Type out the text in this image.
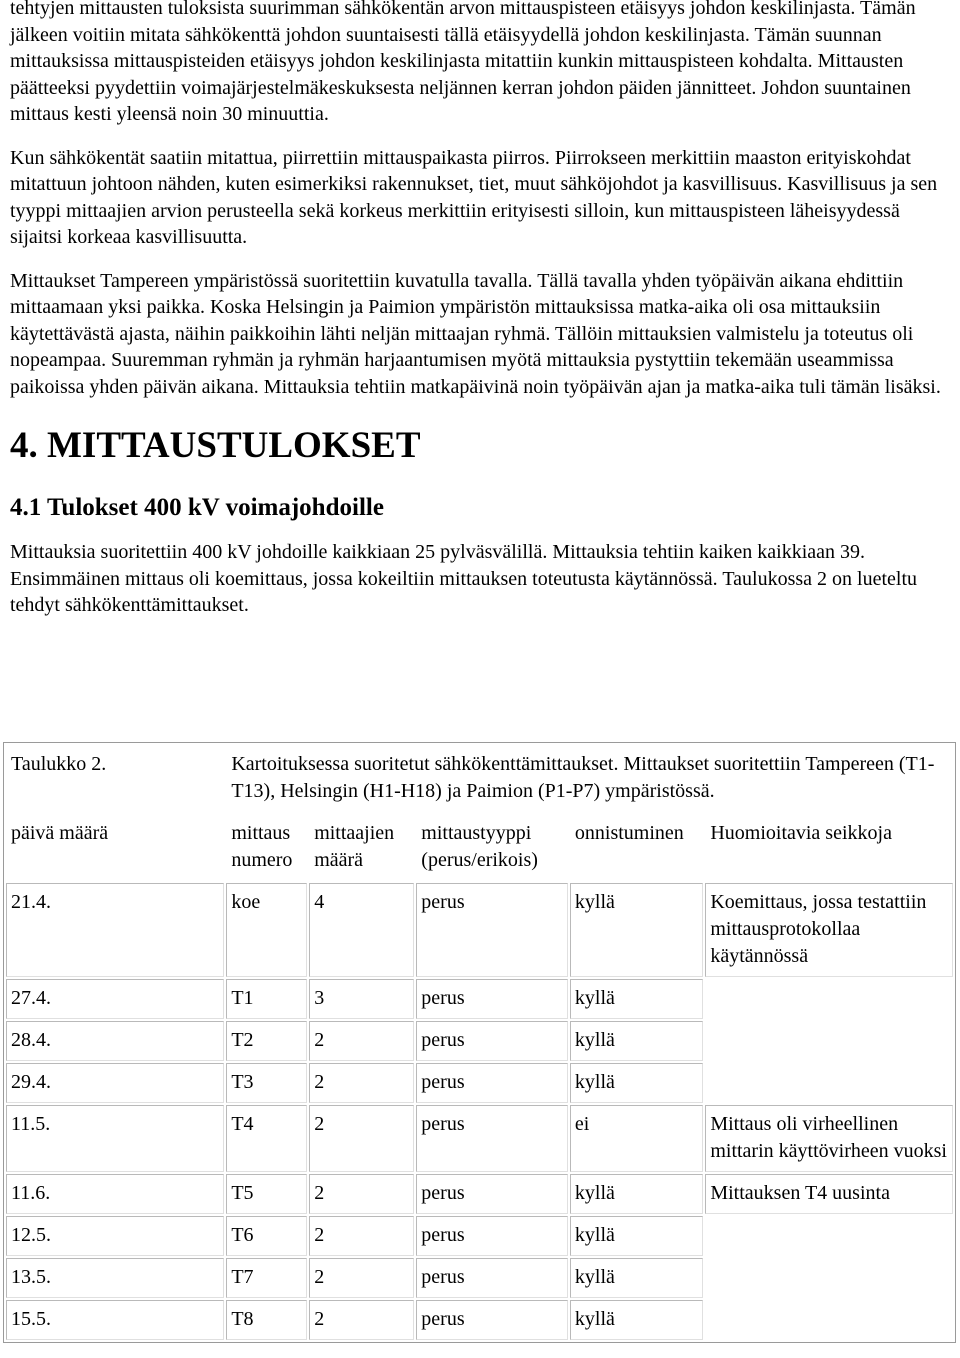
tehtyjen mittausten tuloksista suurimman sähkökentän arvon mittauspisteen etäisyys johdon keskilinjasta. Tämän jälkeen voitiin mitata sähkökenttä johdon suuntaisesti tällä etäisyydellä johdon keskilinjasta. Tämän suunnan mittauksissa mittauspisteiden etäisyys johdon keskilinjasta mitattiin kunkin mittauspisteen kohdalta. Mittausten päätteeksi pyydettiin voimajärjestelmäkeskuksesta neljännen kerran johdon päiden jännitteet. Johdon suuntainen mittaus kesti yleensä noin 30 minuuttia.

Kun sähkökentät saatiin mitattua, piirrettiin mittauspaikasta piirros. Piirrokseen merkittiin maaston erityiskohdat mitattuun johtoon nähden, kuten esimerkiksi rakennukset, tiet, muut sähköjohdot ja kasvillisuus. Kasvillisuus ja sen tyyppi mittaajien arvion perusteella sekä korkeus merkittiin erityisesti silloin, kun mittauspisteen läheisyydessä sijaitsi korkeaa kasvillisuutta.

Mittaukset Tampereen ympäristössä suoritettiin kuvatulla tavalla. Tällä tavalla yhden työpäivän aikana ehdittiin mittaamaan yksi paikka. Koska Helsingin ja Paimion ympäristön mittauksissa matka-aika oli osa mittauksiin käytettävästä ajasta, näihin paikkoihin lähti neljän mittaajan ryhmä. Tällöin mittauksien valmistelu ja toteutus oli nopeampaa. Suuremman ryhmän ja ryhmän harjaantumisen myötä mittauksia pystyttiin tekemään useammissa paikoissa yhden päivän aikana. Mittauksia tehtiin matkapäivinä noin työpäivän ajan ja matka-aika tuli tämän lisäksi.

4. MITTAUSTULOKSET
4.1 Tulokset 400 kV voimajohdoille

Mittauksia suoritettiin 400 kV johdoille kaikkiaan 25 pylväsvälillä. Mittauksia tehtiin kaiken kaikkiaan 39. Ensimmäinen mittaus oli koemittaus, jossa kokeiltiin mittauksen toteutusta käytännössä. Taulukossa 2 on lueteltu tehdyt sähkökenttämittaukset.

Taulukko 2.	Kartoituksessa suoritetut sähkökenttämittaukset. Mittaukset suoritettiin Tampereen (T1-T13), Helsingin (H1-H18) ja Paimion (P1-P7) ympäristössä.				
päivä määrä	mittaus numero	mittaajien määrä	mittaustyyppi (perus/erikois)	onnistuminen	Huomioitavia seikkoja
21.4.	koe	4	perus	kyllä	Koemittaus, jossa testattiin mittausprotokollaa käytännössä
27.4.	T1	3	perus	kyllä	
28.4.	T2	2	perus	kyllä	
29.4.	T3	2	perus	kyllä	
11.5.	T4	2	perus	ei	Mittaus oli virheellinen mittarin käyttövirheen vuoksi
11.6.	T5	2	perus	kyllä	Mittauksen T4 uusinta
12.5.	T6	2	perus	kyllä	
13.5.	T7	2	perus	kyllä	
15.5.	T8	2	perus	kyllä	
